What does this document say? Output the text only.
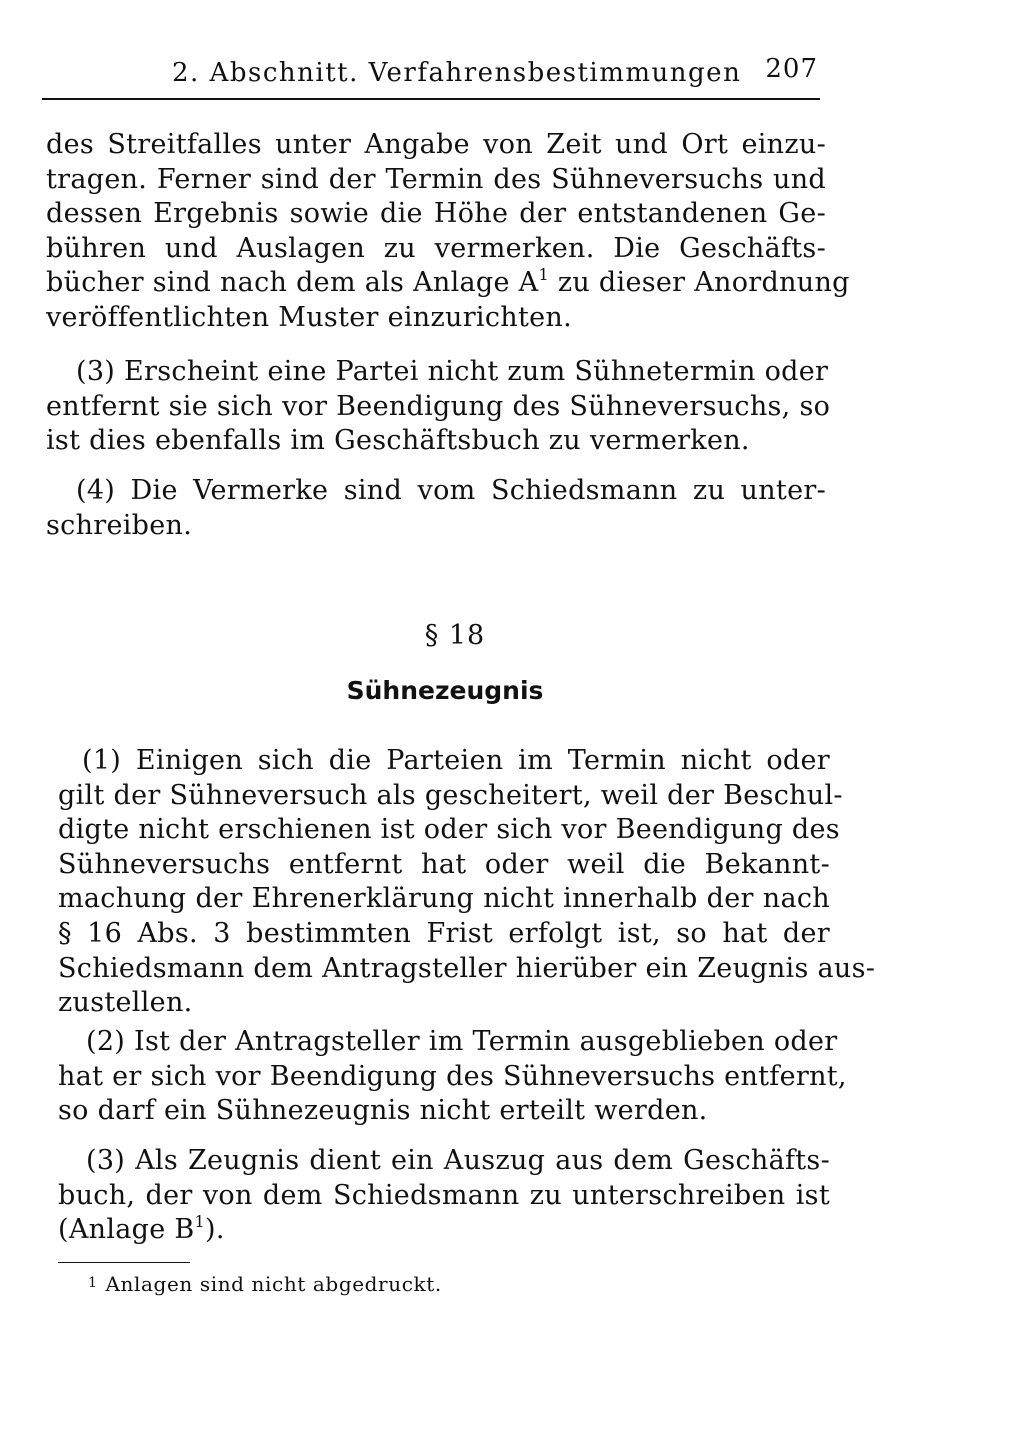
2. Abschnitt. Verfahrensbestimmungen 207
des Streitfalles unter Angabe von Zeit und Ort einzu-
tragen. Ferner sind der Termin des Sühneversuchs und
dessen Ergebnis sowie die Höhe der entstandenen Ge-
bühren und Auslagen zu vermerken. Die Geschäfts-
bücher sind nach dem als Anlage $A^1$ zu dieser Anordnung
veröffentlichten Muster einzurichten.
(3) Erscheint eine Partei nicht zum Sühnetermin oder
entfernt sie sich vor Beendigung des Sühneversuchs, so
ist dies ebenfalls im Geschäftsbuch zu vermerken.
(4) Die Vermerke sind vom Schiedsmann zu unter-
schreiben.
§ 18
Sühnezeugnis
(1) Einigen sich die Parteien im Termin nicht oder
gilt der Sühneversuch als gescheitert, weil der Beschul-
digte nicht erschienen ist oder sich vor Beendigung des
Sühneversuchs entfernt hat oder weil die Bekannt-
machung der Ehrenerklärung nicht innerhalb der nach
§ 16 Abs. 3 bestimmten Frist erfolgt ist, so hat der
Schiedsmann dem Antragsteller hierüber ein Zeugnis aus-
zustellen.
(2) Ist der Antragsteller im Termin ausgeblieben oder
hat er sich vor Beendigung des Sühneversuchs entfernt,
so darf ein Sühnezeugnis nicht erteilt werden.
(3) Als Zeugnis dient ein Auszug aus dem Geschäfts-
buch, der von dem Schiedsmann zu unterschreiben ist
(Anlage $B^1$).
$^1$ Anlagen sind nicht abgedruckt.
